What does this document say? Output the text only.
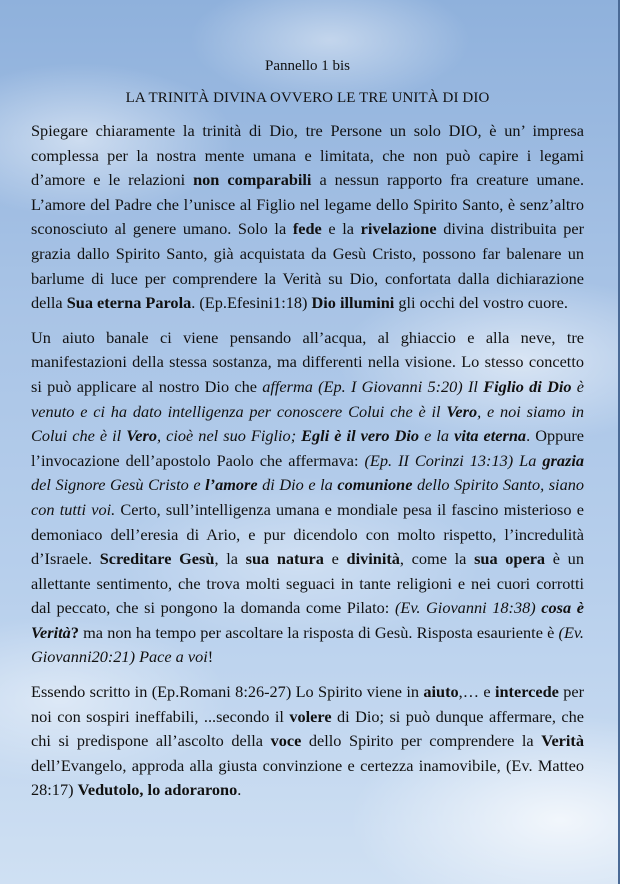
Pannello 1 bis
LA TRINITÀ DIVINA OVVERO LE TRE UNITÀ DI DIO

Spiegare chiaramente la trinità di Dio, tre Persone un solo DIO, è un’ impresa complessa per la nostra mente umana e limitata, che non può capire i legami d’amore e le relazioni non comparabili a nessun rapporto fra creature umane. L’amore del Padre che l’unisce al Figlio nel legame dello Spirito Santo, è senz’altro sconosciuto al genere umano. Solo la fede e la rivelazione divina distribuita per grazia dallo Spirito Santo, già acquistata da Gesù Cristo, possono far balenare un barlume di luce per comprendere la Verità su Dio, confortata dalla dichiarazione della Sua eterna Parola. (Ep.Efesini1:18) Dio illumini gli occhi del vostro cuore.

Un aiuto banale ci viene pensando all’acqua, al ghiaccio e alla neve, tre manifestazioni della stessa sostanza, ma differenti nella visione. Lo stesso concetto si può applicare al nostro Dio che afferma (Ep. I Giovanni 5:20) Il Figlio di Dio è venuto e ci ha dato intelligenza per conoscere Colui che è il Vero, e noi siamo in Colui che è il Vero, cioè nel suo Figlio; Egli è il vero Dio e la vita eterna. Oppure l’invocazione dell’apostolo Paolo che affermava: (Ep. II Corinzi 13:13) La grazia del Signore Gesù Cristo e l’amore di Dio e la comunione dello Spirito Santo, siano con tutti voi. Certo, sull’intelligenza umana e mondiale pesa il fascino misterioso e demoniaco dell’eresia di Ario, e pur dicendolo con molto rispetto, l’incredulità d’Israele. Screditare Gesù, la sua natura e divinità, come la sua opera è un allettante sentimento, che trova molti seguaci in tante religioni e nei cuori corrotti dal peccato, che si pongono la domanda come Pilato: (Ev. Giovanni 18:38) cosa è Verità? ma non ha tempo per ascoltare la risposta di Gesù. Risposta esauriente è (Ev. Giovanni20:21) Pace a voi!

Essendo scritto in (Ep.Romani 8:26-27) Lo Spirito viene in aiuto,… e intercede per noi con sospiri ineffabili, ...secondo il volere di Dio; si può dunque affermare, che chi si predispone all’ascolto della voce dello Spirito per comprendere la Verità dell’Evangelo, approda alla giusta convinzione e certezza inamovibile, (Ev. Matteo 28:17) Vedutolo, lo adorarono.
